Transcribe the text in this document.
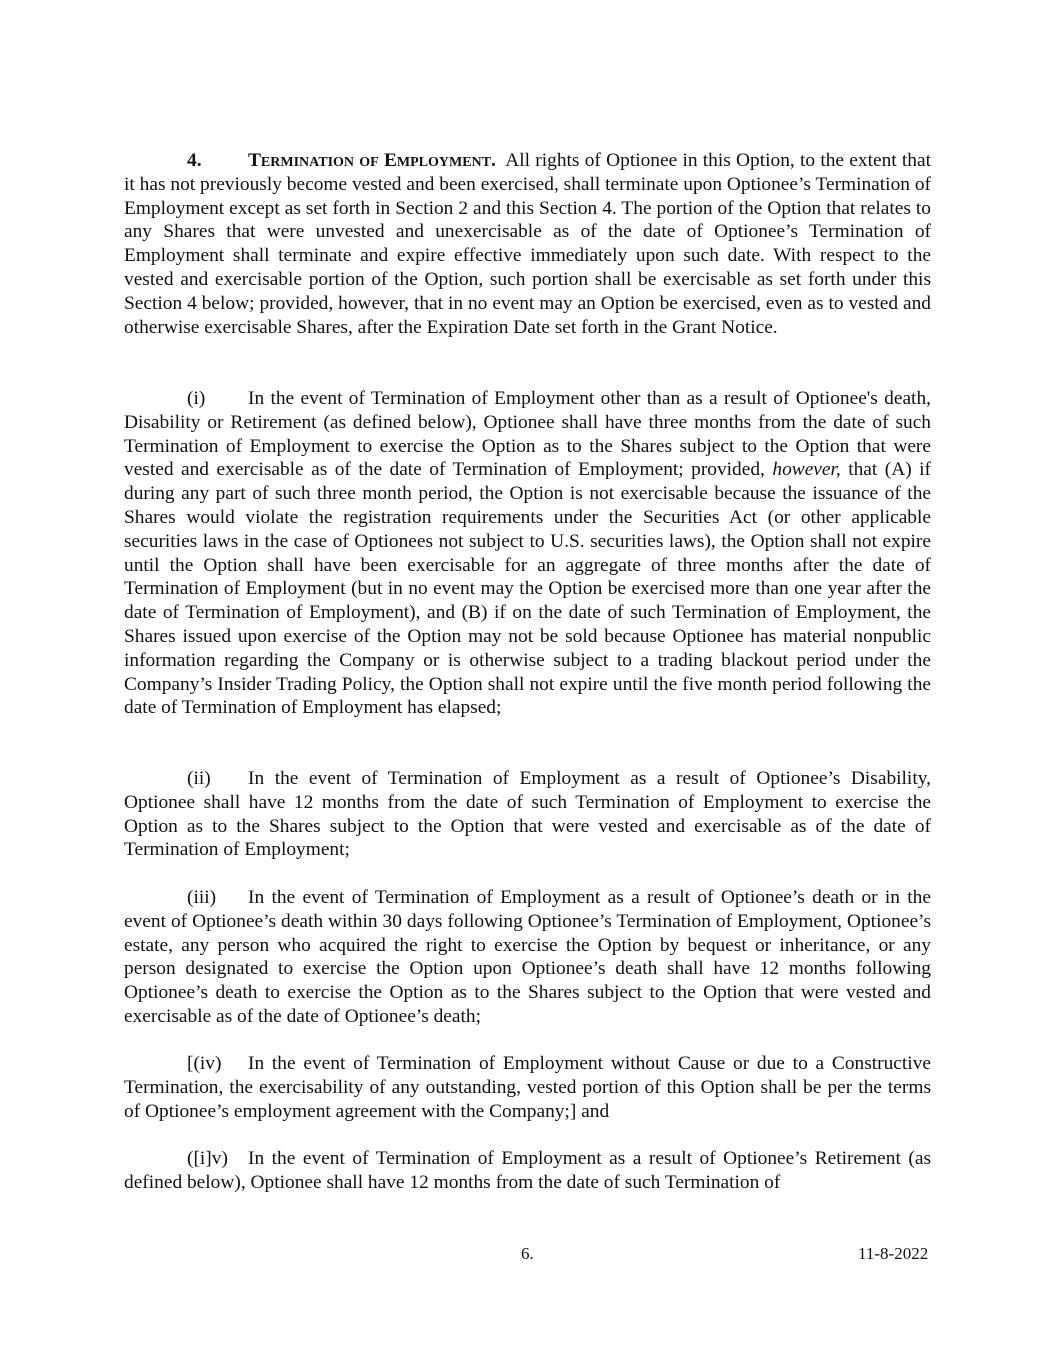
4. Termination of Employment. All rights of Optionee in this Option, to the extent that it has not previously become vested and been exercised, shall terminate upon Optionee’s Termination of Employment except as set forth in Section 2 and this Section 4. The portion of the Option that relates to any Shares that were unvested and unexercisable as of the date of Optionee’s Termination of Employment shall terminate and expire effective immediately upon such date. With respect to the vested and exercisable portion of the Option, such portion shall be exercisable as set forth under this Section 4 below; provided, however, that in no event may an Option be exercised, even as to vested and otherwise exercisable Shares, after the Expiration Date set forth in the Grant Notice.

(i) In the event of Termination of Employment other than as a result of Optionee's death, Disability or Retirement (as defined below), Optionee shall have three months from the date of such Termination of Employment to exercise the Option as to the Shares subject to the Option that were vested and exercisable as of the date of Termination of Employment; provided, however, that (A) if during any part of such three month period, the Option is not exercisable because the issuance of the Shares would violate the registration requirements under the Securities Act (or other applicable securities laws in the case of Optionees not subject to U.S. securities laws), the Option shall not expire until the Option shall have been exercisable for an aggregate of three months after the date of Termination of Employment (but in no event may the Option be exercised more than one year after the date of Termination of Employment), and (B) if on the date of such Termination of Employment, the Shares issued upon exercise of the Option may not be sold because Optionee has material nonpublic information regarding the Company or is otherwise subject to a trading blackout period under the Company’s Insider Trading Policy, the Option shall not expire until the five month period following the date of Termination of Employment has elapsed;

(ii) In the event of Termination of Employment as a result of Optionee’s Disability, Optionee shall have 12 months from the date of such Termination of Employment to exercise the Option as to the Shares subject to the Option that were vested and exercisable as of the date of Termination of Employment;

(iii) In the event of Termination of Employment as a result of Optionee’s death or in the event of Optionee’s death within 30 days following Optionee’s Termination of Employment, Optionee’s estate, any person who acquired the right to exercise the Option by bequest or inheritance, or any person designated to exercise the Option upon Optionee’s death shall have 12 months following Optionee’s death to exercise the Option as to the Shares subject to the Option that were vested and exercisable as of the date of Optionee’s death;

[(iv) In the event of Termination of Employment without Cause or due to a Constructive Termination, the exercisability of any outstanding, vested portion of this Option shall be per the terms of Optionee’s employment agreement with the Company;] and

([i]v) In the event of Termination of Employment as a result of Optionee’s Retirement (as defined below), Optionee shall have 12 months from the date of such Termination of

6.	11-8-2022
